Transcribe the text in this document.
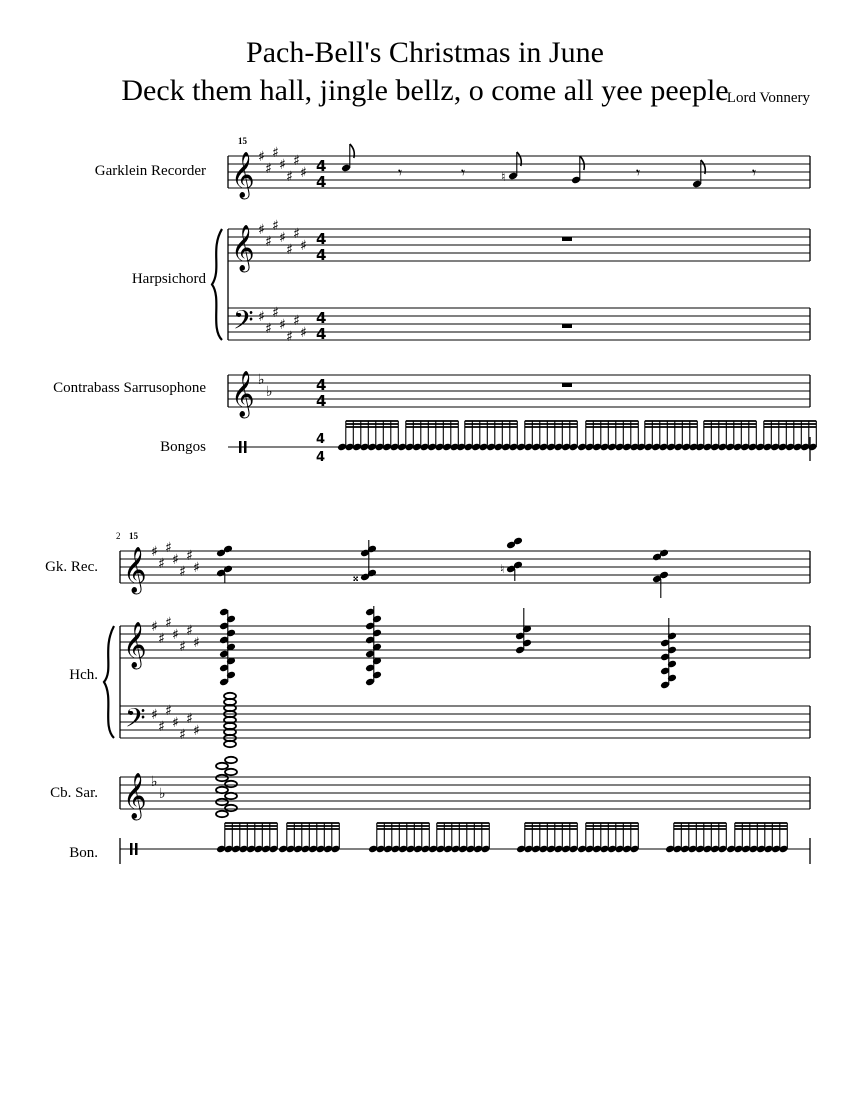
Pach-Bell's Christmas in June
Deck them hall, jingle bellz, o come all yee peeple
Lord Vonnery
Garklein Recorder
Harpsichord
Contrabass Sarrusophone
Bongos
Gk. Rec.
Hch.
Cb. Sar.
Bon.
𝄞
𝄞
𝄢
𝄞
♯
♯
♯
♯
♯
♯
♯
♯
♯
♯
♯
♯
♯
♯
♯
♯
♯
♯
♯
♯
♯
♭
♭
4
4
4
4
4
4
4
4
4
4
𝄾	𝄾	♮	𝄾	𝄾
𝄞
𝄞
𝄢
𝄞
♯
♯
♯
♯
♯
♯
♯
♯
♯
♯
♯
♯
♯
♯
♯
♯
♯
♯
♯
♯
♯
♭
♭
𝄪
♮
15
15
2
